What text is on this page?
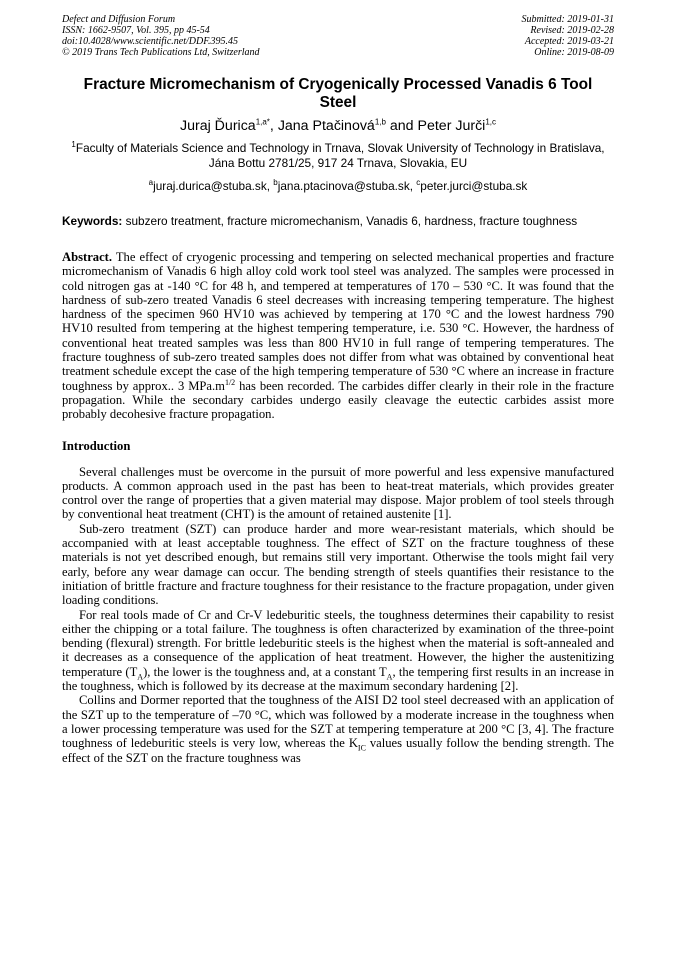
Defect and Diffusion Forum
ISSN: 1662-9507, Vol. 395, pp 45-54
doi:10.4028/www.scientific.net/DDF.395.45
© 2019 Trans Tech Publications Ltd, Switzerland
Submitted: 2019-01-31
Revised: 2019-02-28
Accepted: 2019-03-21
Online: 2019-08-09
Fracture Micromechanism of Cryogenically Processed Vanadis 6 Tool Steel
Juraj Ďurica$^{1,a*}$, Jana Ptačinová$^{1,b}$ and Peter Jurči$^{1,c}$
$^1$Faculty of Materials Science and Technology in Trnava, Slovak University of Technology in Bratislava, Jána Bottu 2781/25, 917 24 Trnava, Slovakia, EU
$^a$juraj.durica@stuba.sk, $^b$jana.ptacinova@stuba.sk, $^c$peter.jurci@stuba.sk
Keywords: subzero treatment, fracture micromechanism, Vanadis 6, hardness, fracture toughness
Abstract. The effect of cryogenic processing and tempering on selected mechanical properties and fracture micromechanism of Vanadis 6 high alloy cold work tool steel was analyzed. The samples were processed in cold nitrogen gas at -140 °C for 48 h, and tempered at temperatures of 170 – 530 °C. It was found that the hardness of sub-zero treated Vanadis 6 steel decreases with increasing tempering temperature. The highest hardness of the specimen 960 HV10 was achieved by tempering at 170 °C and the lowest hardness 790 HV10 resulted from tempering at the highest tempering temperature, i.e. 530 °C. However, the hardness of conventional heat treated samples was less than 800 HV10 in full range of tempering temperatures. The fracture toughness of sub-zero treated samples does not differ from what was obtained by conventional heat treatment schedule except the case of the high tempering temperature of 530 °C where an increase in fracture toughness by approx.. 3 $MPa.m^{1/2}$ has been recorded. The carbides differ clearly in their role in the fracture propagation. While the secondary carbides undergo easily cleavage the eutectic carbides assist more probably decohesive fracture propagation.
Introduction

Several challenges must be overcome in the pursuit of more powerful and less expensive manufactured products. A common approach used in the past has been to heat-treat materials, which provides greater control over the range of properties that a given material may dispose. Major problem of tool steels through by conventional heat treatment (CHT) is the amount of retained austenite [1].

Sub-zero treatment (SZT) can produce harder and more wear-resistant materials, which should be accompanied with at least acceptable toughness. The effect of SZT on the fracture toughness of these materials is not yet described enough, but remains still very important. Otherwise the tools might fail very early, before any wear damage can occur. The bending strength of steels quantifies their resistance to the initiation of brittle fracture and fracture toughness for their resistance to the fracture propagation, under given loading conditions.

For real tools made of Cr and Cr-V ledeburitic steels, the toughness determines their capability to resist either the chipping or a total failure. The toughness is often characterized by examination of the three-point bending (flexural) strength. For brittle ledeburitic steels is the highest when the material is soft-annealed and it decreases as a consequence of the application of heat treatment. However, the higher the austenitizing temperature $(T_A)$, the lower is the toughness and, at a constant $T_A$, the tempering first results in an increase in the toughness, which is followed by its decrease at the maximum secondary hardening [2].

Collins and Dormer reported that the toughness of the AISI D2 tool steel decreased with an application of the SZT up to the temperature of –70 °C, which was followed by a moderate increase in the toughness when a lower processing temperature was used for the SZT at tempering temperature at 200 °C [3, 4]. The fracture toughness of ledeburitic steels is very low, whereas the $K_{IC}$ values usually follow the bending strength. The effect of the SZT on the fracture toughness was
